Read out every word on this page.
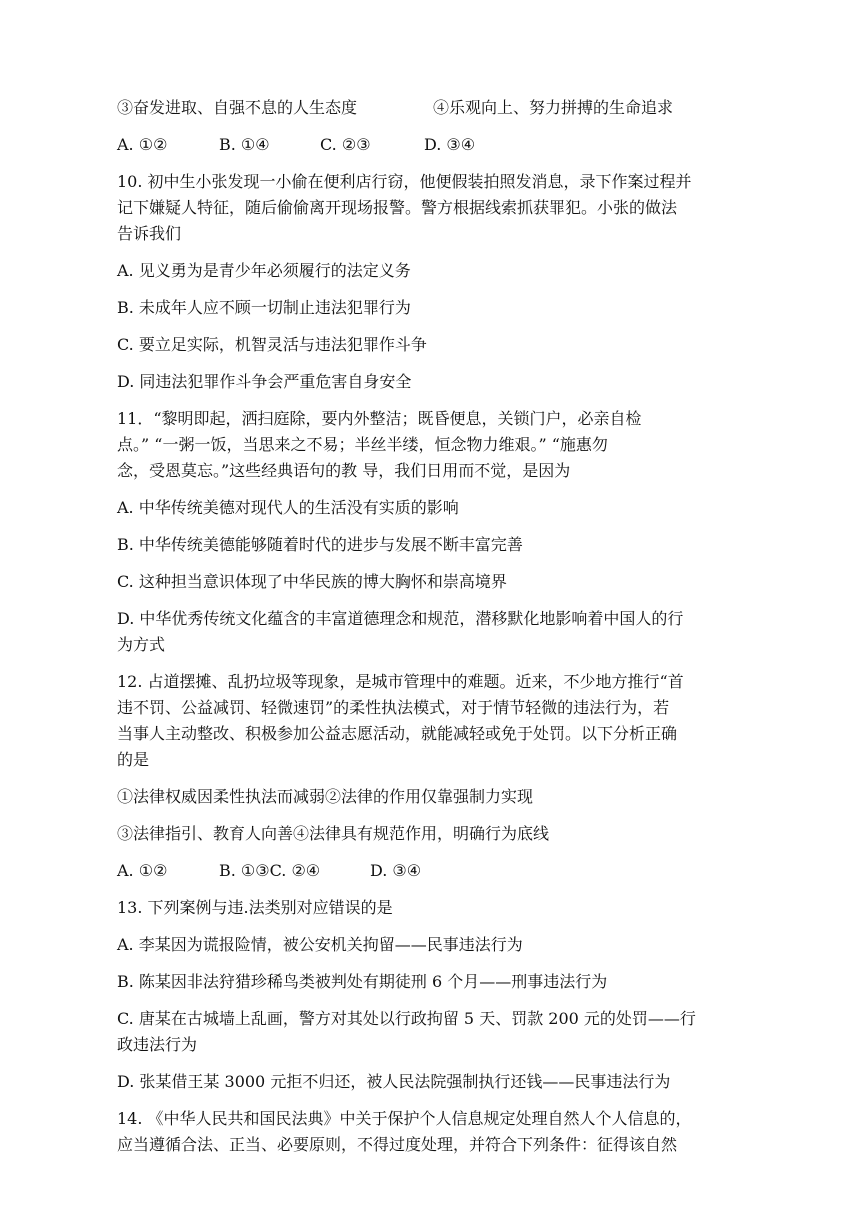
③奋发进取、自强不息的人生态度	④乐观向上、努力拼搏的生命追求
A. ①②	B. ①④	C. ②③	D. ③④
10. 初中生小张发现一小偷在便利店行窃，他便假装拍照发消息，录下作案过程并
记下嫌疑人特征，随后偷偷离开现场报警。警方根据线索抓获罪犯。小张的做法
告诉我们
A. 见义勇为是青少年必须履行的法定义务
B. 未成年人应不顾一切制止违法犯罪行为
C. 要立足实际，机智灵活与违法犯罪作斗争
D. 同违法犯罪作斗争会严重危害自身安全
11．“黎明即起，洒扫庭除，要内外整洁；既昏便息，关锁门户，必亲自检
点。” “一粥一饭，当思来之不易；半丝半缕，恒念物力维艰。” “施惠勿
念，受恩莫忘。”这些经典语句的教 导，我们日用而不觉，是因为
A. 中华传统美德对现代人的生活没有实质的影响
B. 中华传统美德能够随着时代的进步与发展不断丰富完善
C. 这种担当意识体现了中华民族的博大胸怀和崇高境界
D. 中华优秀传统文化蕴含的丰富道德理念和规范，潜移默化地影响着中国人的行
为方式
12. 占道摆摊、乱扔垃圾等现象，是城市管理中的难题。近来，不少地方推行“首
违不罚、公益减罚、轻微速罚”的柔性执法模式，对于情节轻微的违法行为，若
当事人主动整改、积极参加公益志愿活动，就能减轻或免于处罚。以下分析正确
的是
①法律权威因柔性执法而减弱②法律的作用仅靠强制力实现
③法律指引、教育人向善④法律具有规范作用，明确行为底线
A. ①②	B. ①③C. ②④	D. ③④
13. 下列案例与违.法类别对应错误的是
A. 李某因为谎报险情，被公安机关拘留——民事违法行为
B. 陈某因非法狩猎珍稀鸟类被判处有期徒刑 6 个月——刑事违法行为
C. 唐某在古城墙上乱画，警方对其处以行政拘留 5 天、罚款 200 元的处罚——行
政违法行为
D. 张某借王某 3000 元拒不归还，被人民法院强制执行还钱——民事违法行为
14. 《中华人民共和国民法典》中关于保护个人信息规定处理自然人个人信息的，
应当遵循合法、正当、必要原则，不得过度处理，并符合下列条件：征得该自然
